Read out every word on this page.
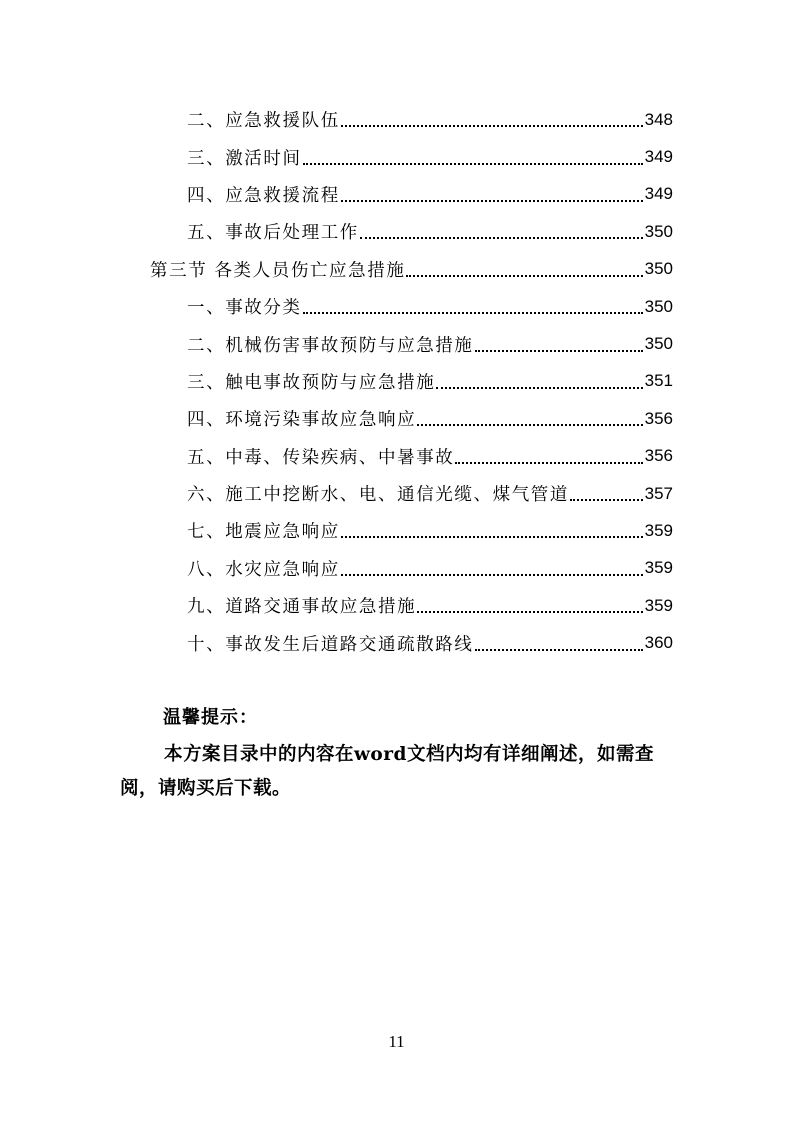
二、应急救援队伍	348
三、激活时间	349
四、应急救援流程	349
五、事故后处理工作	350
第三节 各类人员伤亡应急措施	350
一、事故分类	350
二、机械伤害事故预防与应急措施	350
三、触电事故预防与应急措施	351
四、环境污染事故应急响应	356
五、中毒、传染疾病、中暑事故	356
六、施工中挖断水、电、通信光缆、煤气管道	357
七、地震应急响应	359
八、水灾应急响应	359
九、道路交通事故应急措施	359
十、事故发生后道路交通疏散路线	360
温馨提示：
本方案目录中的内容在word文档内均有详细阐述，如需查阅，请购买后下载。
11
